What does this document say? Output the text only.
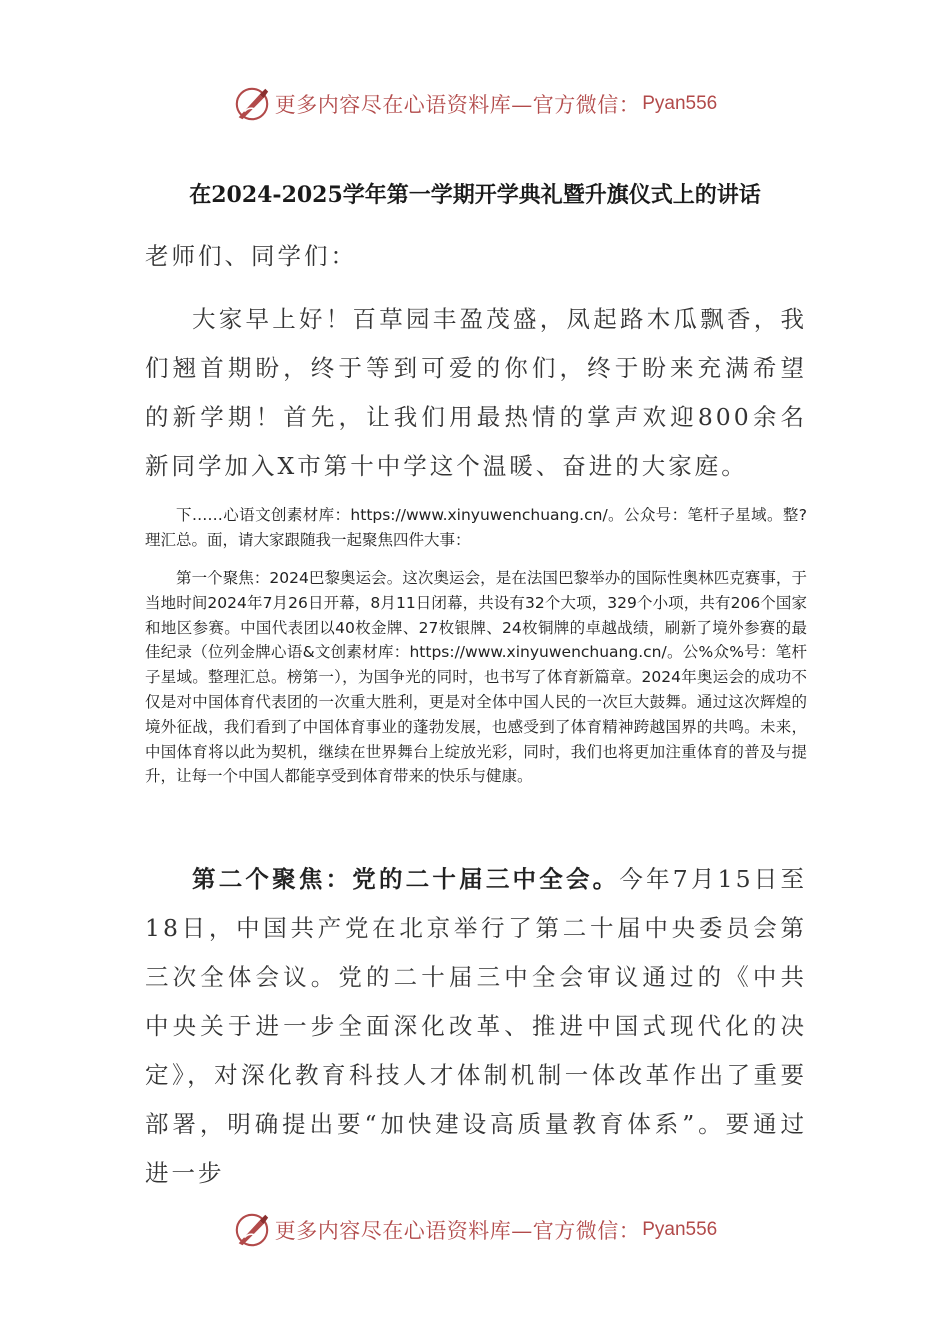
更多内容尽在心语资料库—官方微信： Pyan556
在2024-2025学年第一学期开学典礼暨升旗仪式上的讲话
老师们、同学们：
大家早上好！百草园丰盈茂盛，凤起路木瓜飘香，我们翘首期盼，终于等到可爱的你们，终于盼来充满希望的新学期！首先，让我们用最热情的掌声欢迎800余名新同学加入X市第十中学这个温暖、奋进的大家庭。
下……心语文创素材库：https://www.xinyuwenchuang.cn/。公众号：笔杆子星域。整?理汇总。面，请大家跟随我一起聚焦四件大事：
第一个聚焦：2024巴黎奥运会。这次奥运会，是在法国巴黎举办的国际性奥林匹克赛事，于当地时间2024年7月26日开幕，8月11日闭幕，共设有32个大项，329个小项，共有206个国家和地区参赛。中国代表团以40枚金牌、27枚银牌、24枚铜牌的卓越战绩，刷新了境外参赛的最佳纪录（位列金牌心语&文创素材库：https://www.xinyuwenchuang.cn/。公%众%号：笔杆子星域。整理汇总。榜第一），为国争光的同时，也书写了体育新篇章。2024年奥运会的成功不仅是对中国体育代表团的一次重大胜利，更是对全体中国人民的一次巨大鼓舞。通过这次辉煌的境外征战，我们看到了中国体育事业的蓬勃发展，也感受到了体育精神跨越国界的共鸣。未来，中国体育将以此为契机，继续在世界舞台上绽放光彩，同时，我们也将更加注重体育的普及与提升，让每一个中国人都能享受到体育带来的快乐与健康。
第二个聚焦：党的二十届三中全会。今年7月15日至18日，中国共产党在北京举行了第二十届中央委员会第三次全体会议。党的二十届三中全会审议通过的《中共中央关于进一步全面深化改革、推进中国式现代化的决定》，对深化教育科技人才体制机制一体改革作出了重要部署，明确提出要“加快建设高质量教育体系”。要通过进一步
更多内容尽在心语资料库—官方微信： Pyan556
